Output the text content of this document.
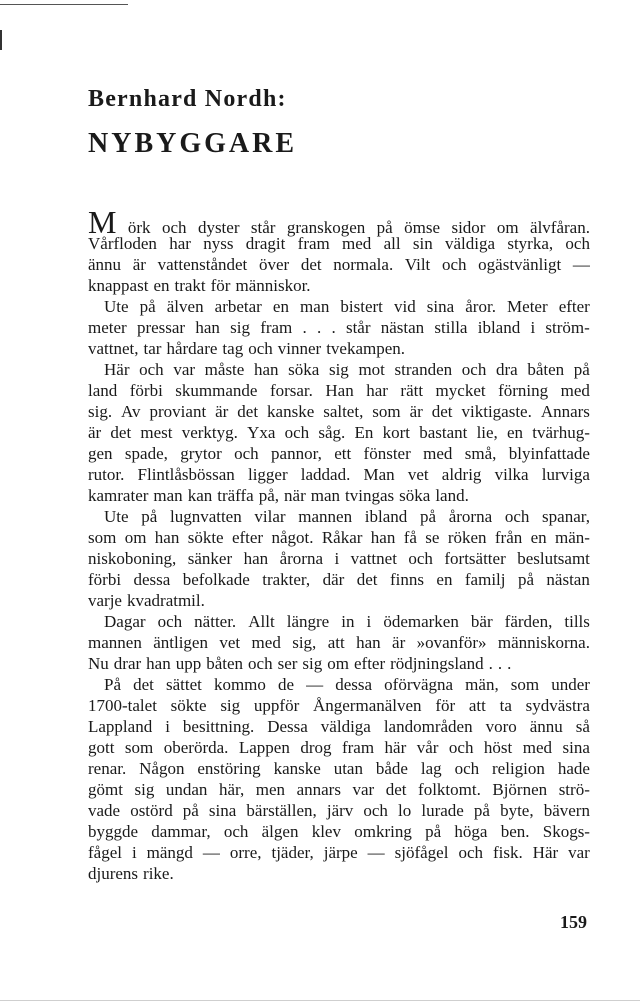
Bernhard Nordh:
NYBYGGARE
M örk och dyster står granskogen på ömse sidor om älvfåran.
Vårfloden har nyss dragit fram med all sin väldiga styrka, och
ännu är vattenståndet över det normala. Vilt och ogästvänligt —
knappast en trakt för människor.
Ute på älven arbetar en man bistert vid sina åror. Meter efter
meter pressar han sig fram . . . står nästan stilla ibland i ström-
vattnet, tar hårdare tag och vinner tvekampen.
Här och var måste han söka sig mot stranden och dra båten på
land förbi skummande forsar. Han har rätt mycket förning med
sig. Av proviant är det kanske saltet, som är det viktigaste. Annars
är det mest verktyg. Yxa och såg. En kort bastant lie, en tvärhug-
gen spade, grytor och pannor, ett fönster med små, blyinfattade
rutor. Flintlåsbössan ligger laddad. Man vet aldrig vilka lurviga
kamrater man kan träffa på, när man tvingas söka land.
Ute på lugnvatten vilar mannen ibland på årorna och spanar,
som om han sökte efter något. Råkar han få se röken från en män-
niskoboning, sänker han årorna i vattnet och fortsätter beslutsamt
förbi dessa befolkade trakter, där det finns en familj på nästan
varje kvadratmil.
Dagar och nätter. Allt längre in i ödemarken bär färden, tills
mannen äntligen vet med sig, att han är »ovanför» människorna.
Nu drar han upp båten och ser sig om efter rödjningsland . . .
På det sättet kommo de — dessa oförvägna män, som under
1700-talet sökte sig uppför Ångermanälven för att ta sydvästra
Lappland i besittning. Dessa väldiga landområden voro ännu så
gott som oberörda. Lappen drog fram här vår och höst med sina
renar. Någon enstöring kanske utan både lag och religion hade
gömt sig undan här, men annars var det folktomt. Björnen strö-
vade ostörd på sina bärställen, järv och lo lurade på byte, bävern
byggde dammar, och älgen klev omkring på höga ben. Skogs-
fågel i mängd — orre, tjäder, järpe — sjöfågel och fisk. Här var
djurens rike.

159
